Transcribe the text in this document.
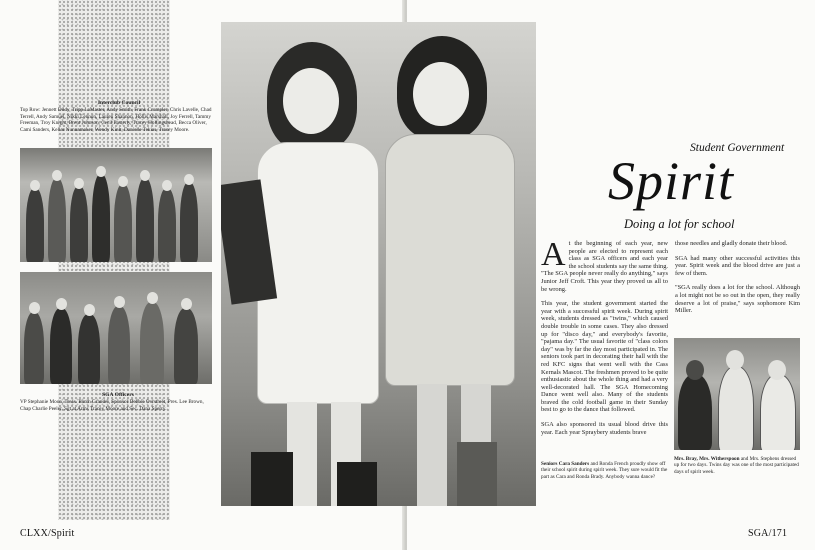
Interclub Council
Top Row: Jennett Dildy, Tripp LaMaster, Andy Smith, Frank Crumpler, Chris Lavelle, Chad Terrell, Andy Samuel, Nikki Lennon, Lauren Shannon, Hollis Marshall, Joy Ferrell, Tammy Freeman, Troy Knight, Brent Johnson, Cecil Easterly, Tracey Hollingshead, Becca Oliver, Cami Sanders, Kellar Nunnamaker, Wendy Kinlt, Danielle Tekias, Tracey Moore.
SGA Officers
VP Stephanie Moon, Treas. Butch Grandel, Sponsor Debbie Ovrstreet, Pres. Lee Brown, Chap Charlie Peeler, Sgt at Arms Tracey Moore and Sec. Dana Sperry.
CLXX/Spirit
Student Government
Spirit
Doing a lot for school

At the beginning of each year, new people are elected to represent each class as SGA officers and each year the school students say the same thing. "The SGA people never really do anything," says Junior Jeff Croft. This year they proved us all to be wrong.

This year, the student government started the year with a successful spirit week. During spirit week, students dressed as "twins," which caused double trouble in some cases. They also dressed up for "disco day," and everybody's favorite, "pajama day." The usual favorite of "class colors day" was by far the day most participated in. The seniors took part in decorating their hall with the red KFC signs that went well with the Cass Kernals Mascot. The freshmen proved to be quite enthusiastic about the whole thing and had a very well-decorated hall. The SGA Homecoming Dance went well also. Many of the students braved the cold football game in their Sunday best to go to the dance that followed.

SGA also sponsored its usual blood drive this year. Each year Spraybery students brave

those needles and gladly donate their blood.

SGA had many other successful activities this year. Spirit week and the blood drive are just a few of them.

"SGA really does a lot for the school. Although a lot might not be so out in the open, they really deserve a lot of praise," says sophomore Kim Miller.

Seniors Cara Sanders and Ronda French proudly show off their school spirit during spirit week. They sure would fit the part as Cara and Ronda Brady. Anybody wanna dance?
Mrs. Bray, Mrs. Witherspoon and Mrs. Stephens dressed up for two days. Twins day was one of the most participated days of spirit week.
SGA/171
